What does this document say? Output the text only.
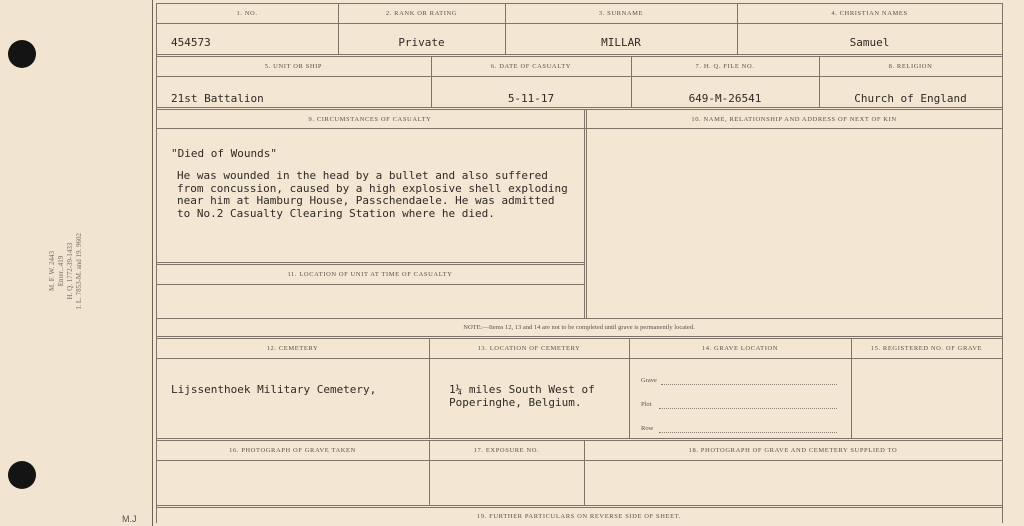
M. F. W. 2443 Enter...419 H. Q. 1772-39-1433 I. L. 7853-M. and 19. 9602
M.J
1. NO.
454573
2. RANK OR RATING
Private
3. SURNAME
MILLAR
4. CHRISTIAN NAMES
Samuel
5. UNIT OR SHIP
21st Battalion
6. DATE OF CASUALTY
5-11-17
7. H. Q. FILE NO.
649-M-26541
8. RELIGION
Church of England
9. CIRCUMSTANCES OF CASUALTY
"Died of Wounds"
He was wounded in the head by a bullet and also suffered
from concussion, caused by a high explosive shell exploding
near him at Hamburg House, Passchendaele. He was admitted
to No.2 Casualty Clearing Station where he died.
10. NAME, RELATIONSHIP AND ADDRESS OF NEXT OF KIN
11. LOCATION OF UNIT AT TIME OF CASUALTY
NOTE:—Items 12, 13 and 14 are not to be completed until grave is permanently located.
12. CEMETERY
Lijssenthoek Military Cemetery,
13. LOCATION OF CEMETERY
1¼ miles South West of
Poperinghe, Belgium.
14. GRAVE LOCATION
Grave
Plot
Row
15. REGISTERED NO. OF GRAVE
16. PHOTOGRAPH OF GRAVE TAKEN	17. EXPOSURE NO.	18. PHOTOGRAPH OF GRAVE AND CEMETERY SUPPLIED TO
19. FURTHER PARTICULARS ON REVERSE SIDE OF SHEET.
